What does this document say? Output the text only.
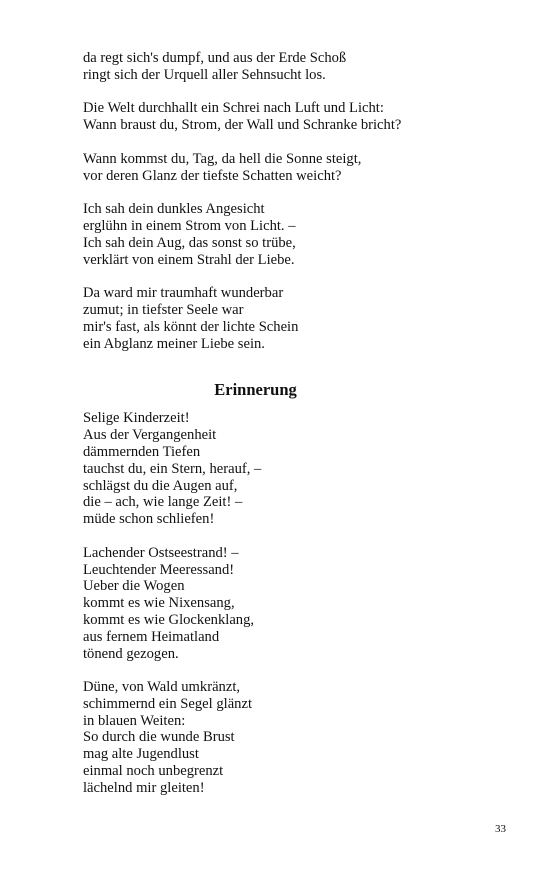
da regt sich's dumpf, und aus der Erde Schoß
ringt sich der Urquell aller Sehnsucht los.
Die Welt durchhallt ein Schrei nach Luft und Licht:
Wann braust du, Strom, der Wall und Schranke bricht?
Wann kommst du, Tag, da hell die Sonne steigt,
vor deren Glanz der tiefste Schatten weicht?
Ich sah dein dunkles Angesicht
erglühn in einem Strom von Licht. –
Ich sah dein Aug, das sonst so trübe,
verklärt von einem Strahl der Liebe.
Da ward mir traumhaft wunderbar
zumut; in tiefster Seele war
mir's fast, als könnt der lichte Schein
ein Abglanz meiner Liebe sein.
Erinnerung
Selige Kinderzeit!
Aus der Vergangenheit
dämmernden Tiefen
tauchst du, ein Stern, herauf, –
schlägst du die Augen auf,
die – ach, wie lange Zeit! –
müde schon schliefen!
Lachender Ostseestrand! –
Leuchtender Meeressand!
Ueber die Wogen
kommt es wie Nixensang,
kommt es wie Glockenklang,
aus fernem Heimatland
tönend gezogen.
Düne, von Wald umkränzt,
schimmernd ein Segel glänzt
in blauen Weiten:
So durch die wunde Brust
mag alte Jugendlust
einmal noch unbegrenzt
lächelnd mir gleiten!
33
